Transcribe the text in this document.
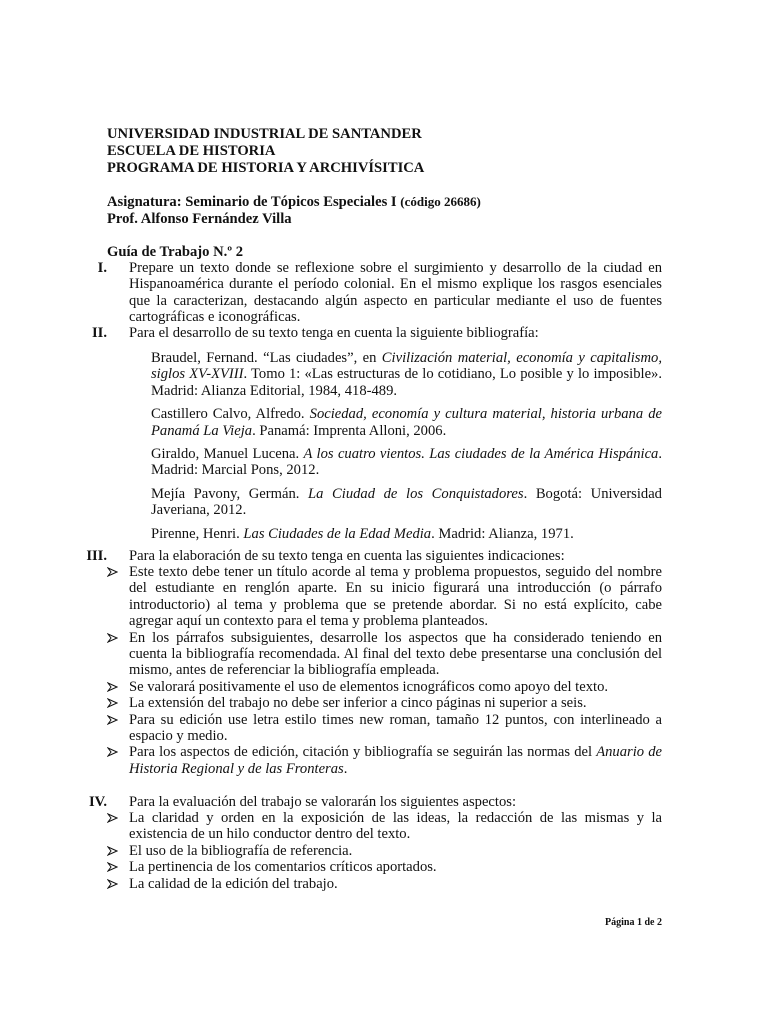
UNIVERSIDAD INDUSTRIAL DE SANTANDER
ESCUELA DE HISTORIA
PROGRAMA DE HISTORIA Y ARCHIVÍSITICA
Asignatura: Seminario de Tópicos Especiales I (código 26686)
Prof. Alfonso Fernández Villa
Guía de Trabajo N.º 2
I. Prepare un texto donde se reflexione sobre el surgimiento y desarrollo de la ciudad en Hispanoamérica durante el período colonial. En el mismo explique los rasgos esenciales que la caracterizan, destacando algún aspecto en particular mediante el uso de fuentes cartográficas e iconográficas.

II. Para el desarrollo de su texto tenga en cuenta la siguiente bibliografía:

Braudel, Fernand. “Las ciudades”, en Civilización material, economía y capitalismo, siglos XV-XVIII. Tomo 1: «Las estructuras de lo cotidiano, Lo posible y lo imposible». Madrid: Alianza Editorial, 1984, 418-489.

Castillero Calvo, Alfredo. Sociedad, economía y cultura material, historia urbana de Panamá La Vieja. Panamá: Imprenta Alloni, 2006.

Giraldo, Manuel Lucena. A los cuatro vientos. Las ciudades de la América Hispánica. Madrid: Marcial Pons, 2012.

Mejía Pavony, Germán. La Ciudad de los Conquistadores. Bogotá: Universidad Javeriana, 2012.

Pirenne, Henri. Las Ciudades de la Edad Media. Madrid: Alianza, 1971.

III. Para la elaboración de su texto tenga en cuenta las siguientes indicaciones:

Este texto debe tener un título acorde al tema y problema propuestos, seguido del nombre del estudiante en renglón aparte. En su inicio figurará una introducción (o párrafo introductorio) al tema y problema que se pretende abordar. Si no está explícito, cabe agregar aquí un contexto para el tema y problema planteados.

En los párrafos subsiguientes, desarrolle los aspectos que ha considerado teniendo en cuenta la bibliografía recomendada. Al final del texto debe presentarse una conclusión del mismo, antes de referenciar la bibliografía empleada.

Se valorará positivamente el uso de elementos icnográficos como apoyo del texto.

La extensión del trabajo no debe ser inferior a cinco páginas ni superior a seis.

Para su edición use letra estilo times new roman, tamaño 12 puntos, con interlineado a espacio y medio.

Para los aspectos de edición, citación y bibliografía se seguirán las normas del Anuario de Historia Regional y de las Fronteras.

IV. Para la evaluación del trabajo se valorarán los siguientes aspectos:

La claridad y orden en la exposición de las ideas, la redacción de las mismas y la existencia de un hilo conductor dentro del texto.

El uso de la bibliografía de referencia.

La pertinencia de los comentarios críticos aportados.

La calidad de la edición del trabajo.

Página 1 de 2
